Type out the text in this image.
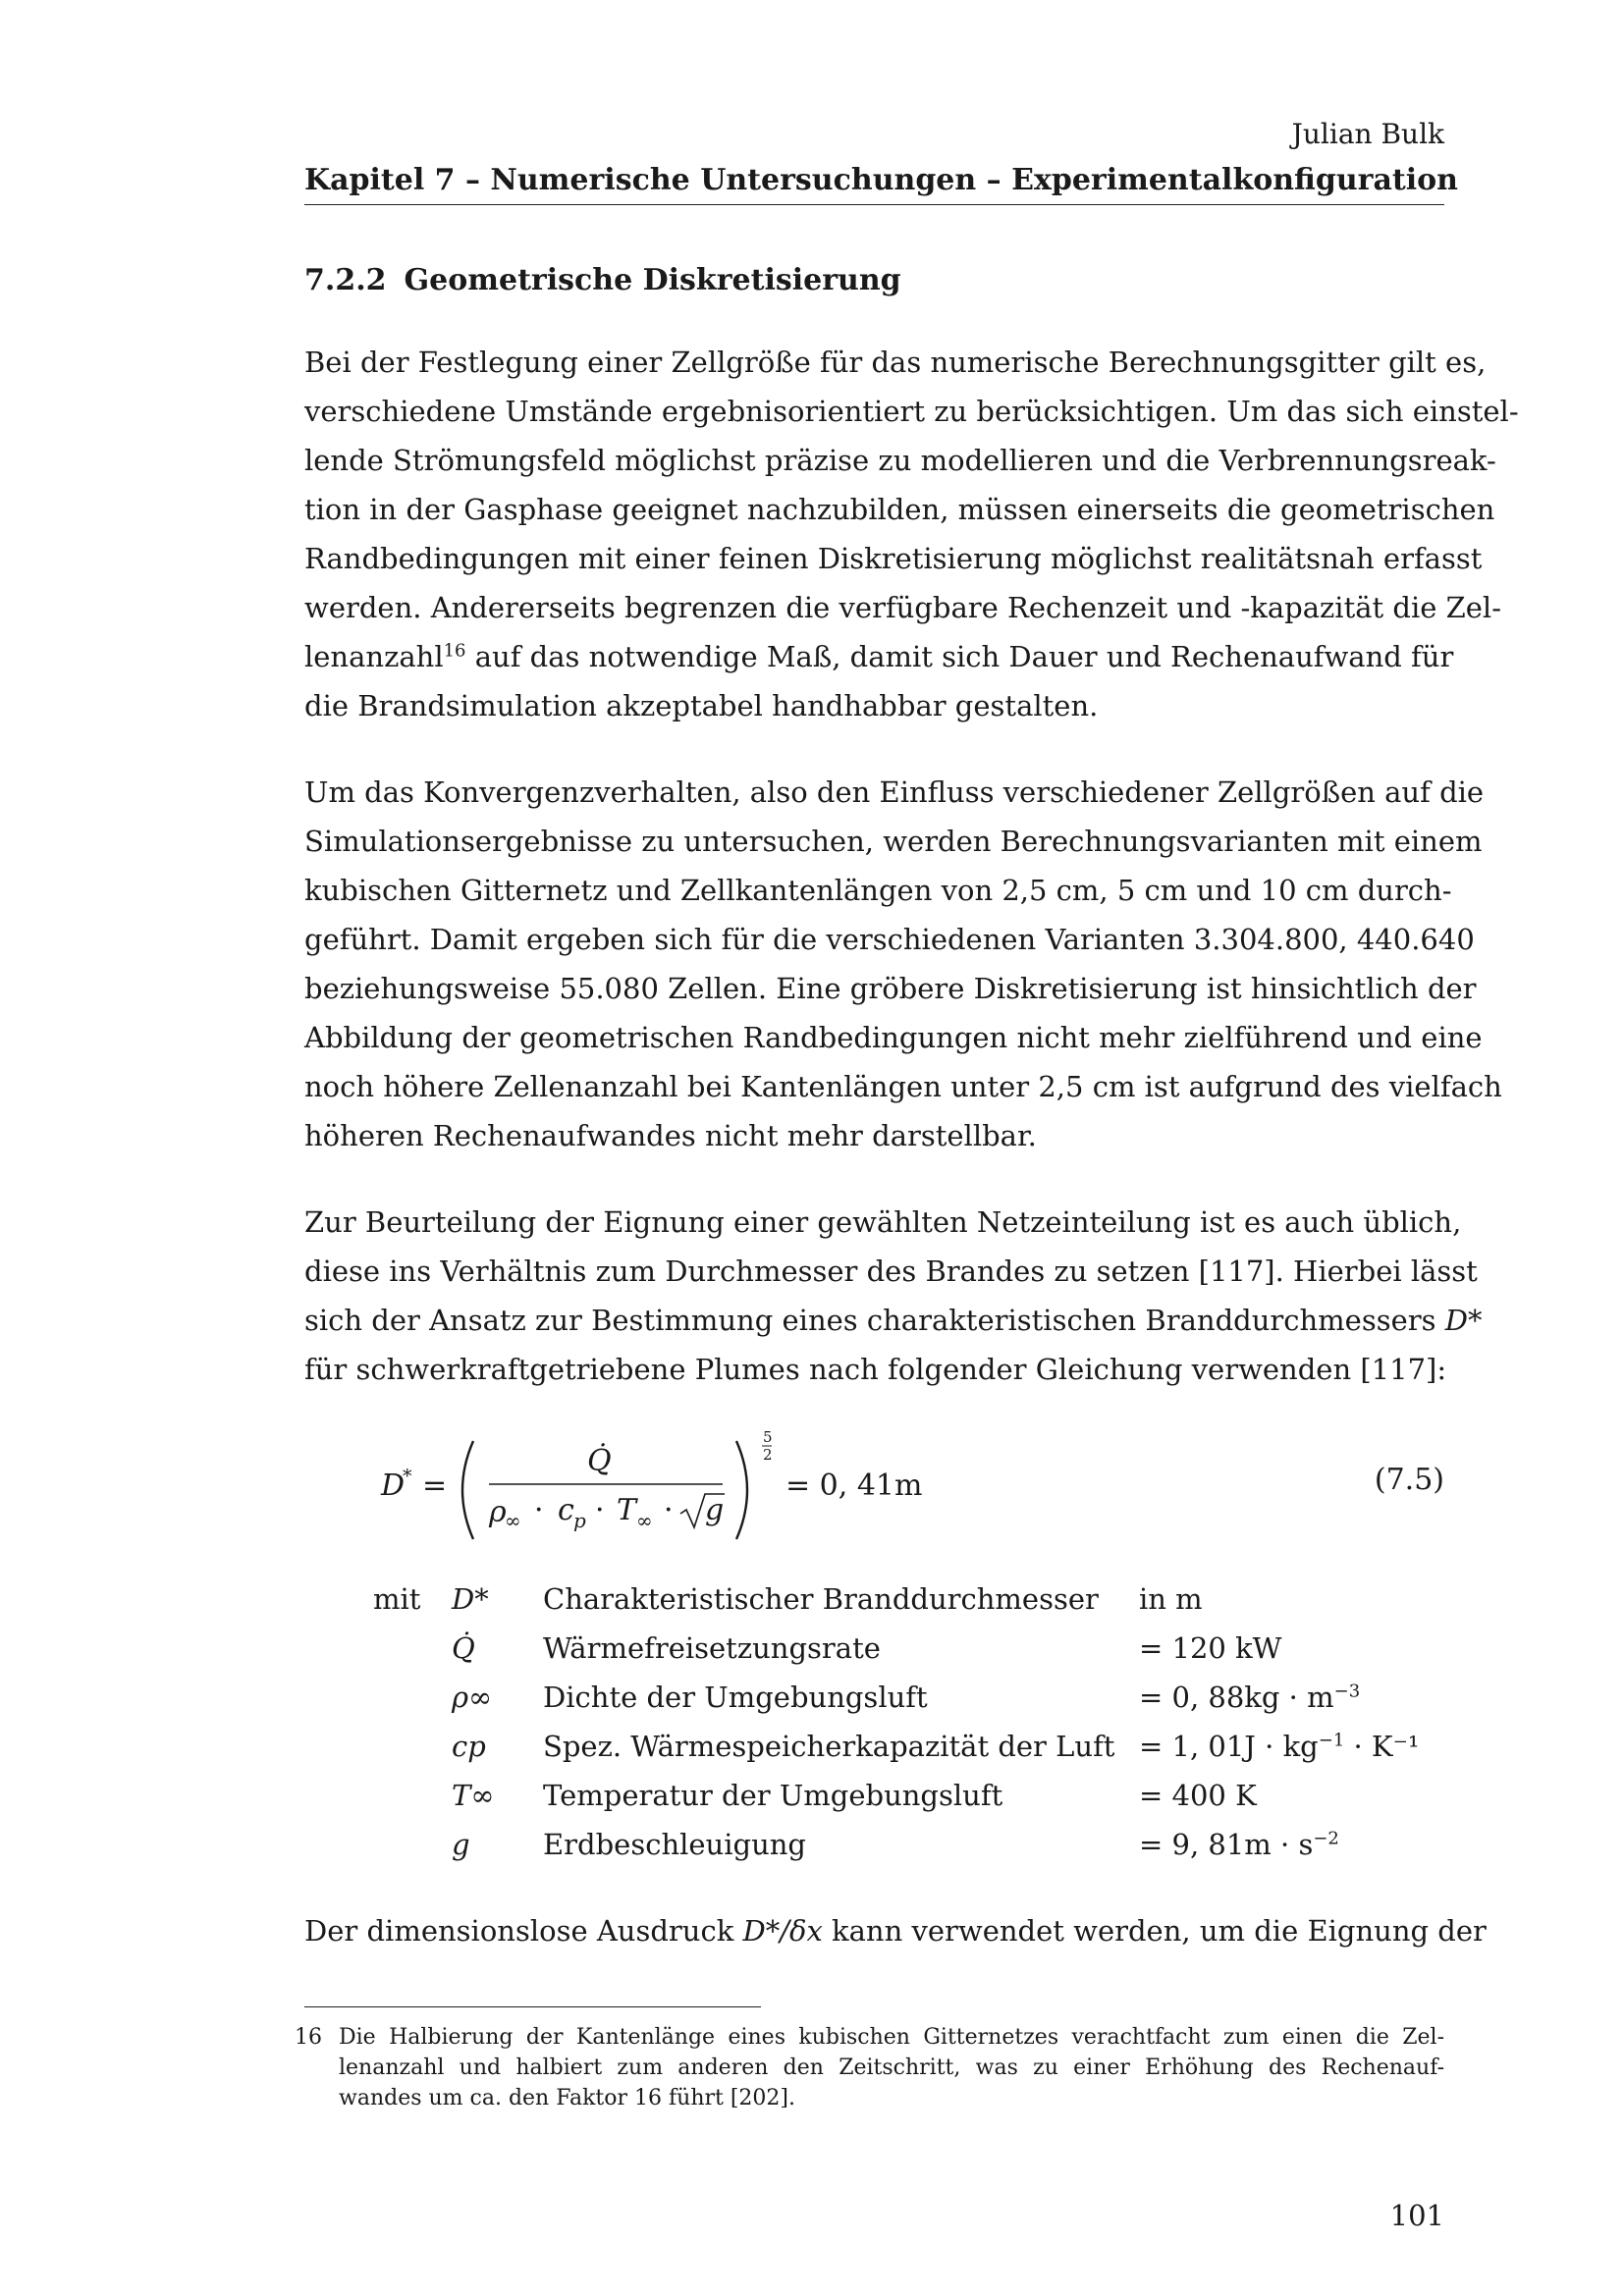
Julian Bulk
Kapitel 7 – Numerische Untersuchungen – Experimentalkonfiguration
7.2.2 Geometrische Diskretisierung

Bei der Festlegung einer Zellgröße für das numerische Berechnungsgitter gilt es,
verschiedene Umstände ergebnisorientiert zu berücksichtigen. Um das sich einstel-
lende Strömungsfeld möglichst präzise zu modellieren und die Verbrennungsreak-
tion in der Gasphase geeignet nachzubilden, müssen einerseits die geometrischen
Randbedingungen mit einer feinen Diskretisierung möglichst realitätsnah erfasst
werden. Andererseits begrenzen die verfügbare Rechenzeit und -kapazität die Zel-
lenanzahl$^{16}$ auf das notwendige Maß, damit sich Dauer und Rechenaufwand für
die Brandsimulation akzeptabel handhabbar gestalten.

Um das Konvergenzverhalten, also den Einfluss verschiedener Zellgrößen auf die
Simulationsergebnisse zu untersuchen, werden Berechnungsvarianten mit einem
kubischen Gitternetz und Zellkantenlängen von 2,5 cm, 5 cm und 10 cm durch-
geführt. Damit ergeben sich für die verschiedenen Varianten 3.304.800, 440.640
beziehungsweise 55.080 Zellen. Eine gröbere Diskretisierung ist hinsichtlich der
Abbildung der geometrischen Randbedingungen nicht mehr zielführend und eine
noch höhere Zellenanzahl bei Kantenlängen unter 2,5 cm ist aufgrund des vielfach
höheren Rechenaufwandes nicht mehr darstellbar.

Zur Beurteilung der Eignung einer gewählten Netzeinteilung ist es auch üblich,
diese ins Verhältnis zum Durchmesser des Brandes zu setzen [117]. Hierbei lässt
sich der Ansatz zur Bestimmung eines charakteristischen Branddurchmessers D*
für schwerkraftgetriebene Plumes nach folgender Gleichung verwenden [117]:

D
* =
Q̇
ρ
∞ · c p · T ∞ · g
5
2
= 0, 41m	(7.5)
mit D* Charakteristischer Branddurchmesser in m
Q̇ Wärmefreisetzungsrate	= 120 kW
ρ∞ Dichte der Umgebungsluft	= 0, $88kg \cdot m^{-3}$
cp Spez. Wärmespeicherkapazität der Luft = 1, $01J \cdot kg^{-1} \cdot K^{-1}$
T∞ Temperatur der Umgebungsluft	= 400 K
g	Erdbeschleuigung	= 9, $81m \cdot s^{-2}$

Der dimensionslose Ausdruck D*/δx kann verwendet werden, um die Eignung der

16 Die Halbierung der Kantenlänge eines kubischen Gitternetzes verachtfacht zum einen die Zel-
lenanzahl und halbiert zum anderen den Zeitschritt, was zu einer Erhöhung des Rechenauf-
wandes um ca. den Faktor 16 führt [202].
101
